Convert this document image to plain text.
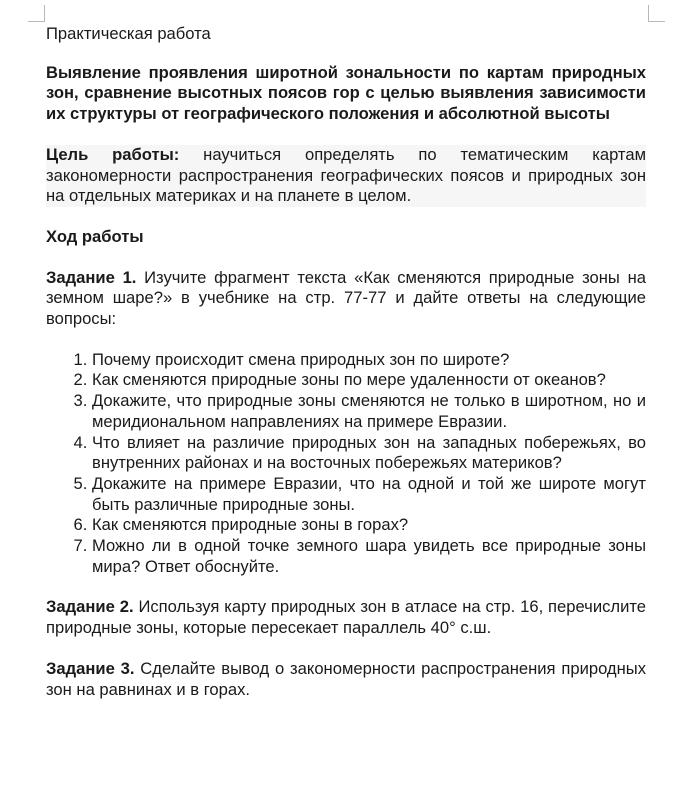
Практическая работа
Выявление проявления широтной зональности по картам природных зон, сравнение высотных поясов гор с целью выявления зависимости их структуры от географического положения и абсолютной высоты
Цель работы: научиться определять по тематическим картам закономерности распространения географических поясов и природных зон на отдельных материках и на планете в целом.
Ход работы
Задание 1. Изучите фрагмент текста «Как сменяются природные зоны на земном шаре?» в учебнике на стр. 77-77 и дайте ответы на следующие вопросы:
1. Почему происходит смена природных зон по широте?
2. Как сменяются природные зоны по мере удаленности от океанов?
3. Докажите, что природные зоны сменяются не только в широтном, но и меридиональном направлениях на примере Евразии.
4. Что влияет на различие природных зон на западных побережьях, во внутренних районах и на восточных побережьях материков?
5. Докажите на примере Евразии, что на одной и той же широте могут быть различные природные зоны.
6. Как сменяются природные зоны в горах?
7. Можно ли в одной точке земного шара увидеть все природные зоны мира? Ответ обоснуйте.
Задание 2. Используя карту природных зон в атласе на стр. 16, перечислите природные зоны, которые пересекает параллель 40° с.ш.
Задание 3. Сделайте вывод о закономерности распространения природных зон на равнинах и в горах.
